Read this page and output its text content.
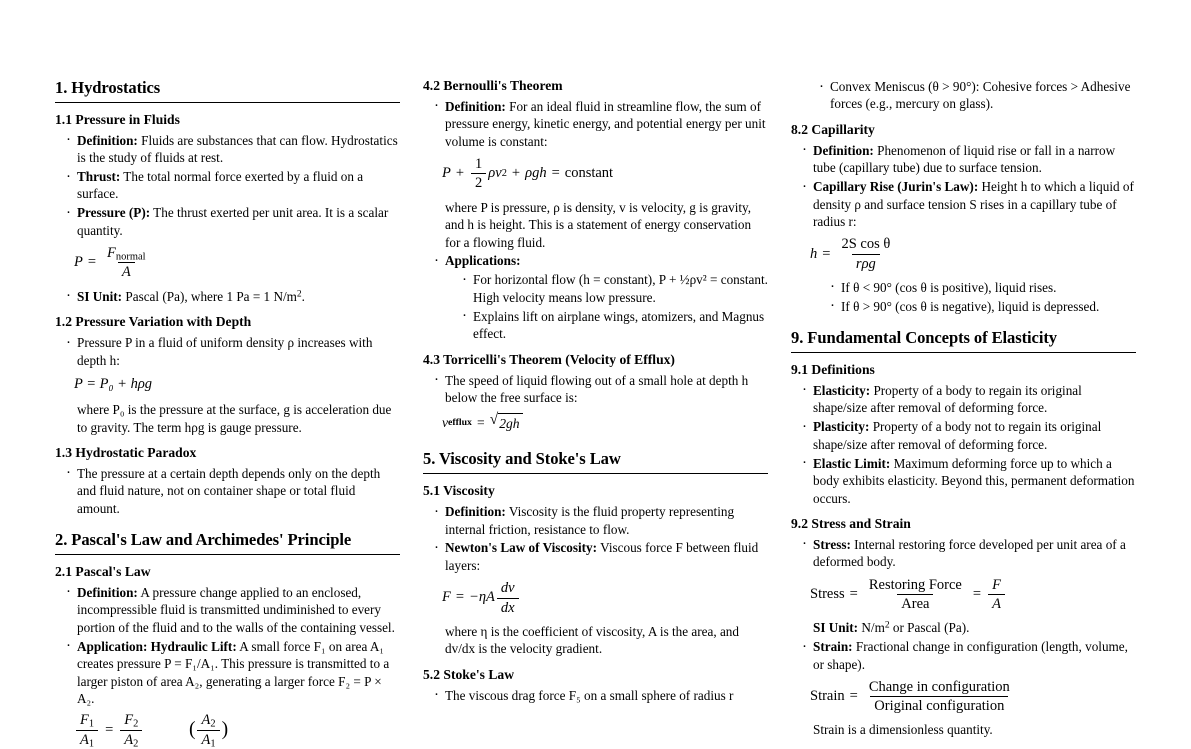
1. Hydrostatics
1.1 Pressure in Fluids
· Definition: Fluids are substances that can flow. Hydrostatics is the study of fluids at rest.
· Thrust: The total normal force exerted by a fluid on a surface.
· Pressure (P): The thrust exerted per unit area. It is a scalar quantity.
$P = \frac{F_{normal}}{A}$
· SI Unit: Pascal (Pa), where 1 Pa = 1 $N/m^2$.
1.2 Pressure Variation with Depth
· Pressure P in a fluid of uniform density ρ increases with depth h:
P = P₀ + hρg
where P₀ is the pressure at the surface, g is acceleration due to gravity. The term hρg is gauge pressure.
1.3 Hydrostatic Paradox
· The pressure at a certain depth depends only on the depth and fluid nature, not on container shape or total fluid amount.
2. Pascal's Law and Archimedes' Principle
2.1 Pascal's Law
· Definition: A pressure change applied to an enclosed, incompressible fluid is transmitted undiminished to every portion of the fluid and to the walls of the containing vessel.
· Application: Hydraulic Lift: A small force F₁ on area A₁ creates pressure P = F₁/A₁. This pressure is transmitted to a larger piston of area A₂, generating a larger force F₂ = P × A₂.
$\frac{F_1}{A_1} = \frac{F_2}{A_2}$
( $\frac{A_2}{A_1}$ )
4.2 Bernoulli's Theorem
· Definition: For an ideal fluid in streamline flow, the sum of pressure energy, kinetic energy, and potential energy per unit volume is constant:
$P + \frac{1}{2}$ ρv 2 + ρgh = constant
where P is pressure, ρ is density, v is velocity, g is gravity, and h is height. This is a statement of energy conservation for a flowing fluid.
· Applications:
· For horizontal flow (h = constant), P + ½ρv² = constant. High velocity means low pressure.
· Explains lift on airplane wings, atomizers, and Magnus effect.
4.3 Torricelli's Theorem (Velocity of Efflux)
· The speed of liquid flowing out of a small hole at depth h below the free surface is:
v efflux = √ 2gh
5. Viscosity and Stoke's Law
5.1 Viscosity
· Definition: Viscosity is the fluid property representing internal friction, resistance to flow.
· Newton's Law of Viscosity: Viscous force F between fluid layers:
$F = -\eta A \frac{dv}{dx}$
where η is the coefficient of viscosity, A is the area, and dv/dx is the velocity gradient.
5.2 Stoke's Law
· The viscous drag force F₅ on a small sphere of radius r
· Convex Meniscus (θ > 90°): Cohesive forces > Adhesive forces (e.g., mercury on glass).
8.2 Capillarity
· Definition: Phenomenon of liquid rise or fall in a narrow tube (capillary tube) due to surface tension.
· Capillary Rise (Jurin's Law): Height h to which a liquid of density ρ and surface tension S rises in a capillary tube of radius r:
$h = \frac{\text{2S cos θ}}{\text{rρg}}$
· If θ < 90° (cos θ is positive), liquid rises.
· If θ > 90° (cos θ is negative), liquid is depressed.
9. Fundamental Concepts of Elasticity
9.1 Definitions
· Elasticity: Property of a body to regain its original shape/size after removal of deforming force.
· Plasticity: Property of a body not to regain its original shape/size after removal of deforming force.
· Elastic Limit: Maximum deforming force up to which a body exhibits elasticity. Beyond this, permanent deformation occurs.
9.2 Stress and Strain
· Stress: Internal restoring force developed per unit area of a deformed body.
Stress = $\frac{\text{Restoring Force}}{\text{Area}} = \frac{F}{A}$
SI Unit: $N/m^2$ or Pascal (Pa).
· Strain: Fractional change in configuration (length, volume, or shape).
Strain = $\frac{\text{Change in configuration}}{\text{Original configuration}}$
Strain is a dimensionless quantity.
